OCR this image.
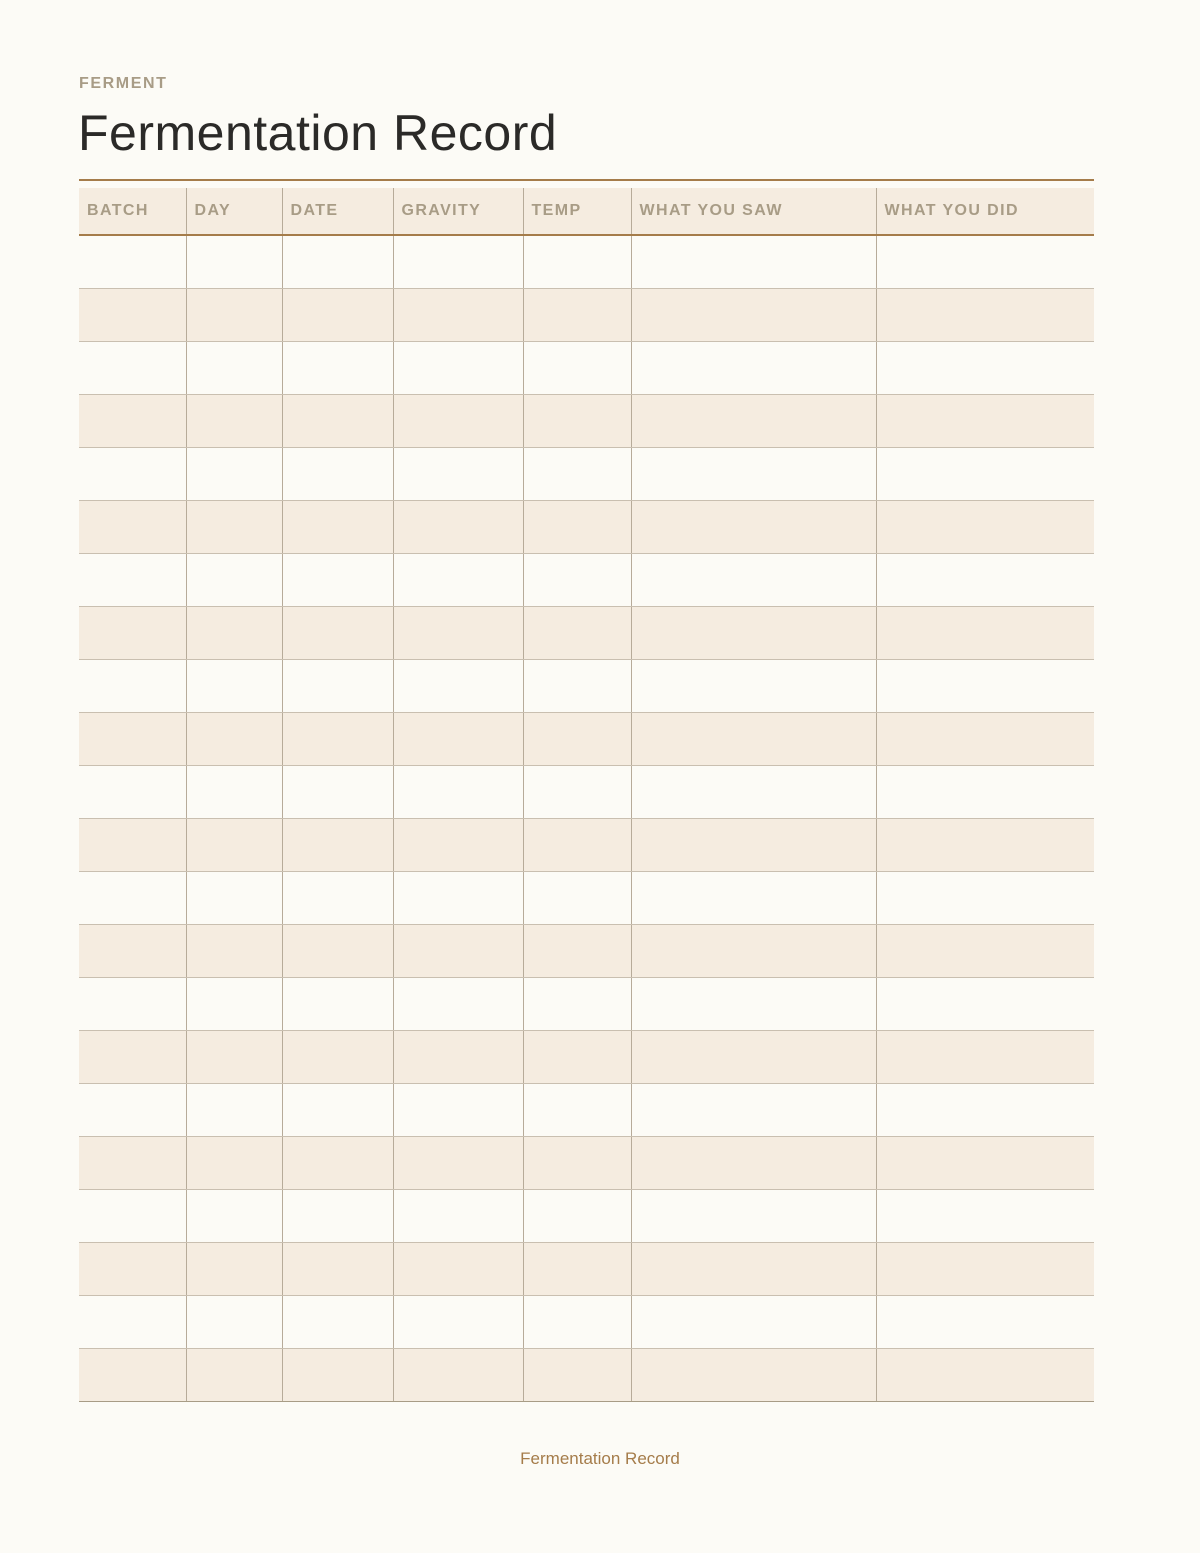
FERMENT
Fermentation Record
BATCH	DAY	DATE	GRAVITY	TEMP	WHAT YOU SAW	WHAT YOU DID

Fermentation Record
